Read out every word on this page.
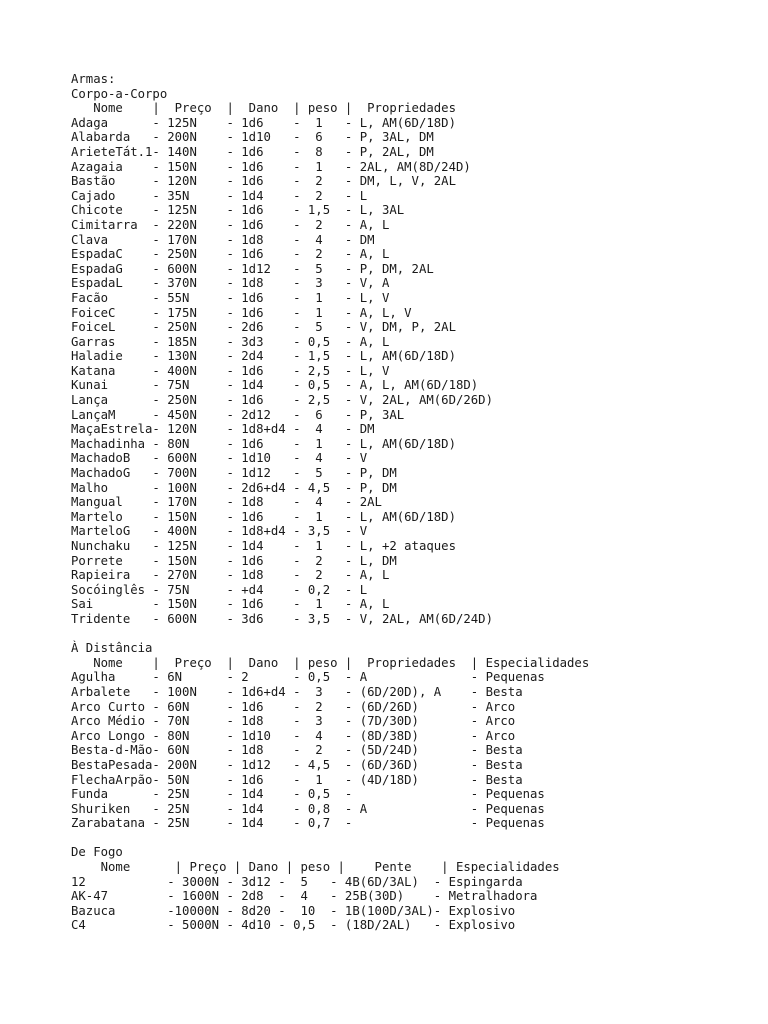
Armas:
Corpo-a-Corpo
Nome    |  Preço  |  Dano  | peso |  Propriedades
Adaga      - 125N    - 1d6    -  1   - L, AM(6D/18D)
Alabarda   - 200N    - 1d10   -  6   - P, 3AL, DM
ArieteTát.1- 140N    - 1d6    -  8   - P, 2AL, DM
Azagaia    - 150N    - 1d6    -  1   - 2AL, AM(8D/24D)
Bastão     - 120N    - 1d6    -  2   - DM, L, V, 2AL
Cajado     - 35N     - 1d4    -  2   - L
Chicote    - 125N    - 1d6    - 1,5  - L, 3AL
Cimitarra  - 220N    - 1d6    -  2   - A, L
Clava      - 170N    - 1d8    -  4   - DM
EspadaC    - 250N    - 1d6    -  2   - A, L
EspadaG    - 600N    - 1d12   -  5   - P, DM, 2AL
EspadaL    - 370N    - 1d8    -  3   - V, A
Facão      - 55N     - 1d6    -  1   - L, V
FoiceC     - 175N    - 1d6    -  1   - A, L, V
FoiceL     - 250N    - 2d6    -  5   - V, DM, P, 2AL
Garras     - 185N    - 3d3    - 0,5  - A, L
Haladie    - 130N    - 2d4    - 1,5  - L, AM(6D/18D)
Katana     - 400N    - 1d6    - 2,5  - L, V
Kunai      - 75N     - 1d4    - 0,5  - A, L, AM(6D/18D)
Lança      - 250N    - 1d6    - 2,5  - V, 2AL, AM(6D/26D)
LançaM     - 450N    - 2d12   -  6   - P, 3AL
MaçaEstrela- 120N    - 1d8+d4 -  4   - DM
Machadinha - 80N     - 1d6    -  1   - L, AM(6D/18D)
MachadoB   - 600N    - 1d10   -  4   - V
MachadoG   - 700N    - 1d12   -  5   - P, DM
Malho      - 100N    - 2d6+d4 - 4,5  - P, DM
Mangual    - 170N    - 1d8    -  4   - 2AL
Martelo    - 150N    - 1d6    -  1   - L, AM(6D/18D)
MarteloG   - 400N    - 1d8+d4 - 3,5  - V
Nunchaku   - 125N    - 1d4    -  1   - L, +2 ataques
Porrete    - 150N    - 1d6    -  2   - L, DM
Rapieira   - 270N    - 1d8    -  2   - A, L
Socóinglês - 75N     - +d4    - 0,2  - L
Sai        - 150N    - 1d6    -  1   - A, L
Tridente   - 600N    - 3d6    - 3,5  - V, 2AL, AM(6D/24D)
À Distância
Nome    |  Preço  |  Dano  | peso |  Propriedades  | Especialidades
Agulha     - 6N      - 2      - 0,5  - A              - Pequenas
Arbalete   - 100N    - 1d6+d4 -  3   - (6D/20D), A    - Besta
Arco Curto - 60N     - 1d6    -  2   - (6D/26D)       - Arco
Arco Médio - 70N     - 1d8    -  3   - (7D/30D)       - Arco
Arco Longo - 80N     - 1d10   -  4   - (8D/38D)       - Arco
Besta-d-Mão- 60N     - 1d8    -  2   - (5D/24D)       - Besta
BestaPesada- 200N    - 1d12   - 4,5  - (6D/36D)       - Besta
FlechaArpão- 50N     - 1d6    -  1   - (4D/18D)       - Besta
Funda      - 25N     - 1d4    - 0,5  -                - Pequenas
Shuriken   - 25N     - 1d4    - 0,8  - A              - Pequenas
Zarabatana - 25N     - 1d4    - 0,7  -                - Pequenas
De Fogo
Nome      | Preço | Dano | peso |    Pente    | Especialidades
12           - 3000N - 3d12 -  5   - 4B(6D/3AL)  - Espingarda
AK-47        - 1600N - 2d8  -  4   - 25B(30D)    - Metralhadora
Bazuca       -10000N - 8d20 -  10  - 1B(100D/3AL)- Explosivo
C4           - 5000N - 4d10 - 0,5  - (18D/2AL)   - Explosivo
